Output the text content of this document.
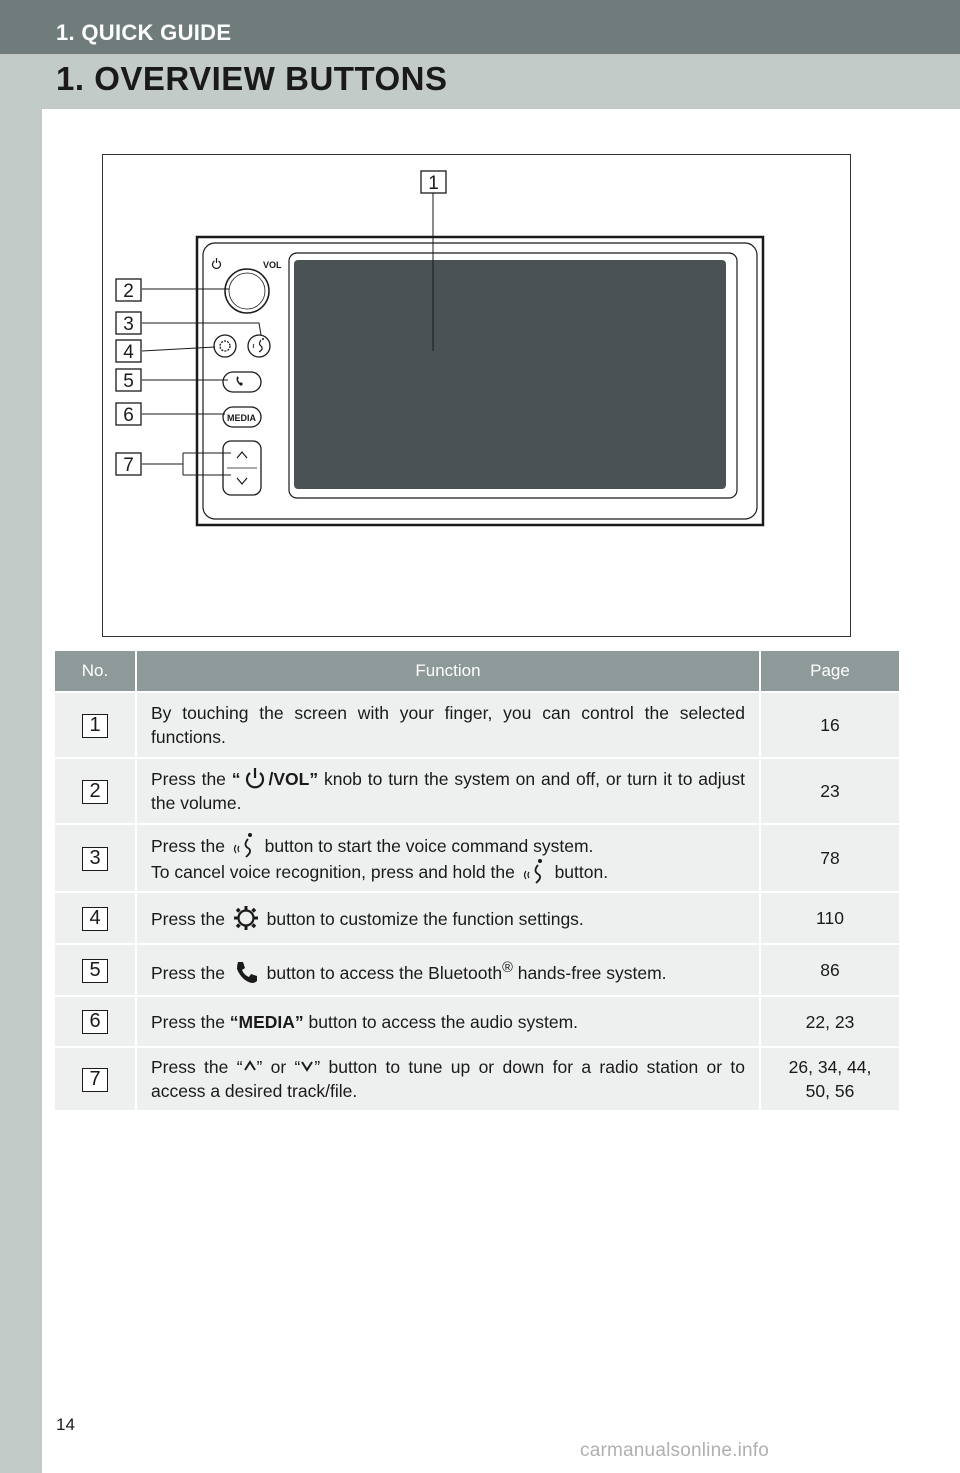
1. QUICK GUIDE
1. OVERVIEW BUTTONS
VOL
MEDIA
1
2
3
4
5
6
7
No.	Function	Page
1	By touching the screen with your finger, you can control the selected functions.	16
2	Press the “ /VOL” knob to turn the system on and off, or turn it to adjust the volume.	23
3	Press the  button to start the voice command system.
To cancel voice recognition, press and hold the  button.	78
4	Press the  button to customize the function settings.	110
5	Press the  button to access the Bluetooth® hands-free system.	86
6	Press the “MEDIA” button to access the audio system.	22, 23
7	Press the “ ” or “ ” button to tune up or down for a radio station or to access a desired track/file.	26, 34, 44,
50, 56
14
carmanualsonline.info
